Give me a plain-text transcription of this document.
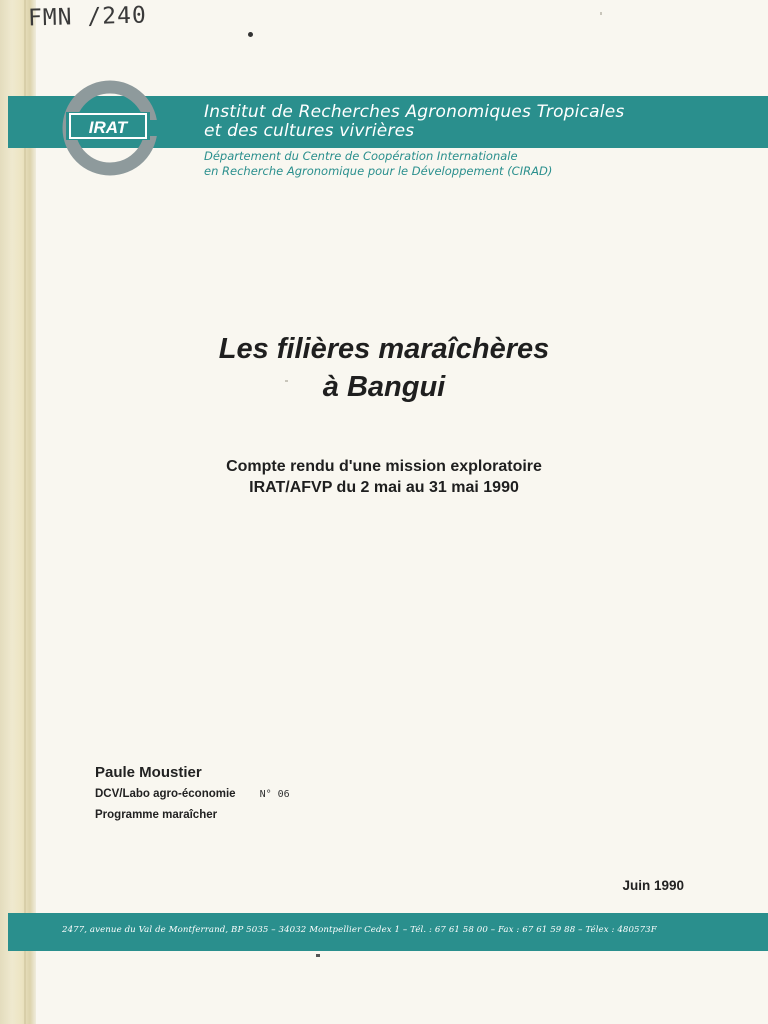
FMN /240
IRAT
Institut de Recherches Agronomiques Tropicales
et des cultures vivrières
Département du Centre de Coopération Internationale
en Recherche Agronomique pour le Développement (CIRAD)
Les filières maraîchères
à Bangui
Compte rendu d'une mission exploratoire
IRAT/AFVP du 2 mai au 31 mai 1990
Paule Moustier
DCV/Labo agro-économie N° 06
Programme maraîcher
Juin 1990
2477, avenue du Val de Montferrand, BP 5035 – 34032 Montpellier Cedex 1 – Tél. : 67 61 58 00 – Fax : 67 61 59 88 – Télex : 480573F
